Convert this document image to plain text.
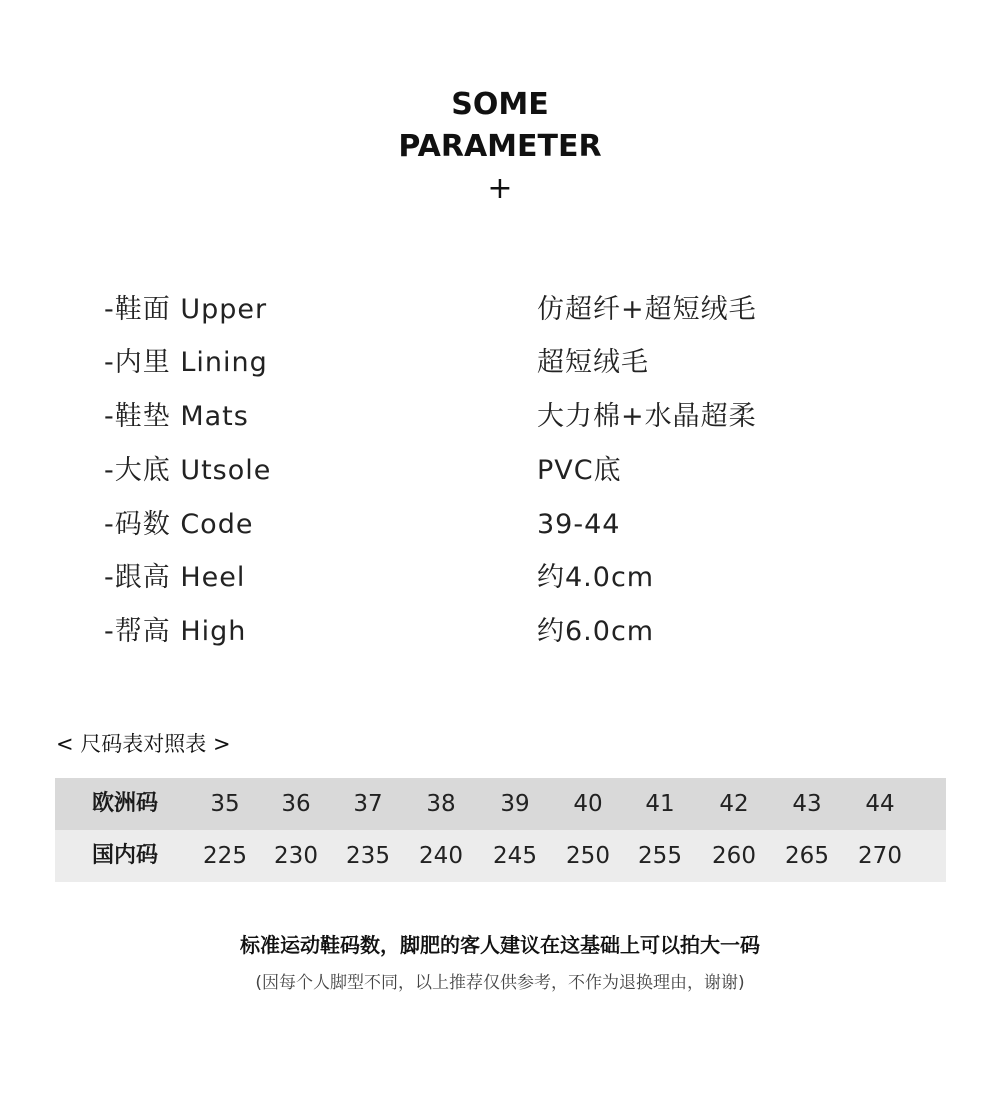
SOME
PARAMETER
+
-鞋面 Upper	仿超纤+超短绒毛
-内里 Lining	超短绒毛
-鞋垫 Mats	大力棉+水晶超柔
-大底 Utsole	PVC底
-码数 Code	39-44
-跟高 Heel	约4.0cm
-帮高 High	约6.0cm
< 尺码表对照表 >
欧洲码	35	36	37	38	39	40	41	42	43	44
国内码	225	230	235	240	245	250	255	260	265	270
标准运动鞋码数，脚肥的客人建议在这基础上可以拍大一码
(因每个人脚型不同，以上推荐仅供参考，不作为退换理由，谢谢)
